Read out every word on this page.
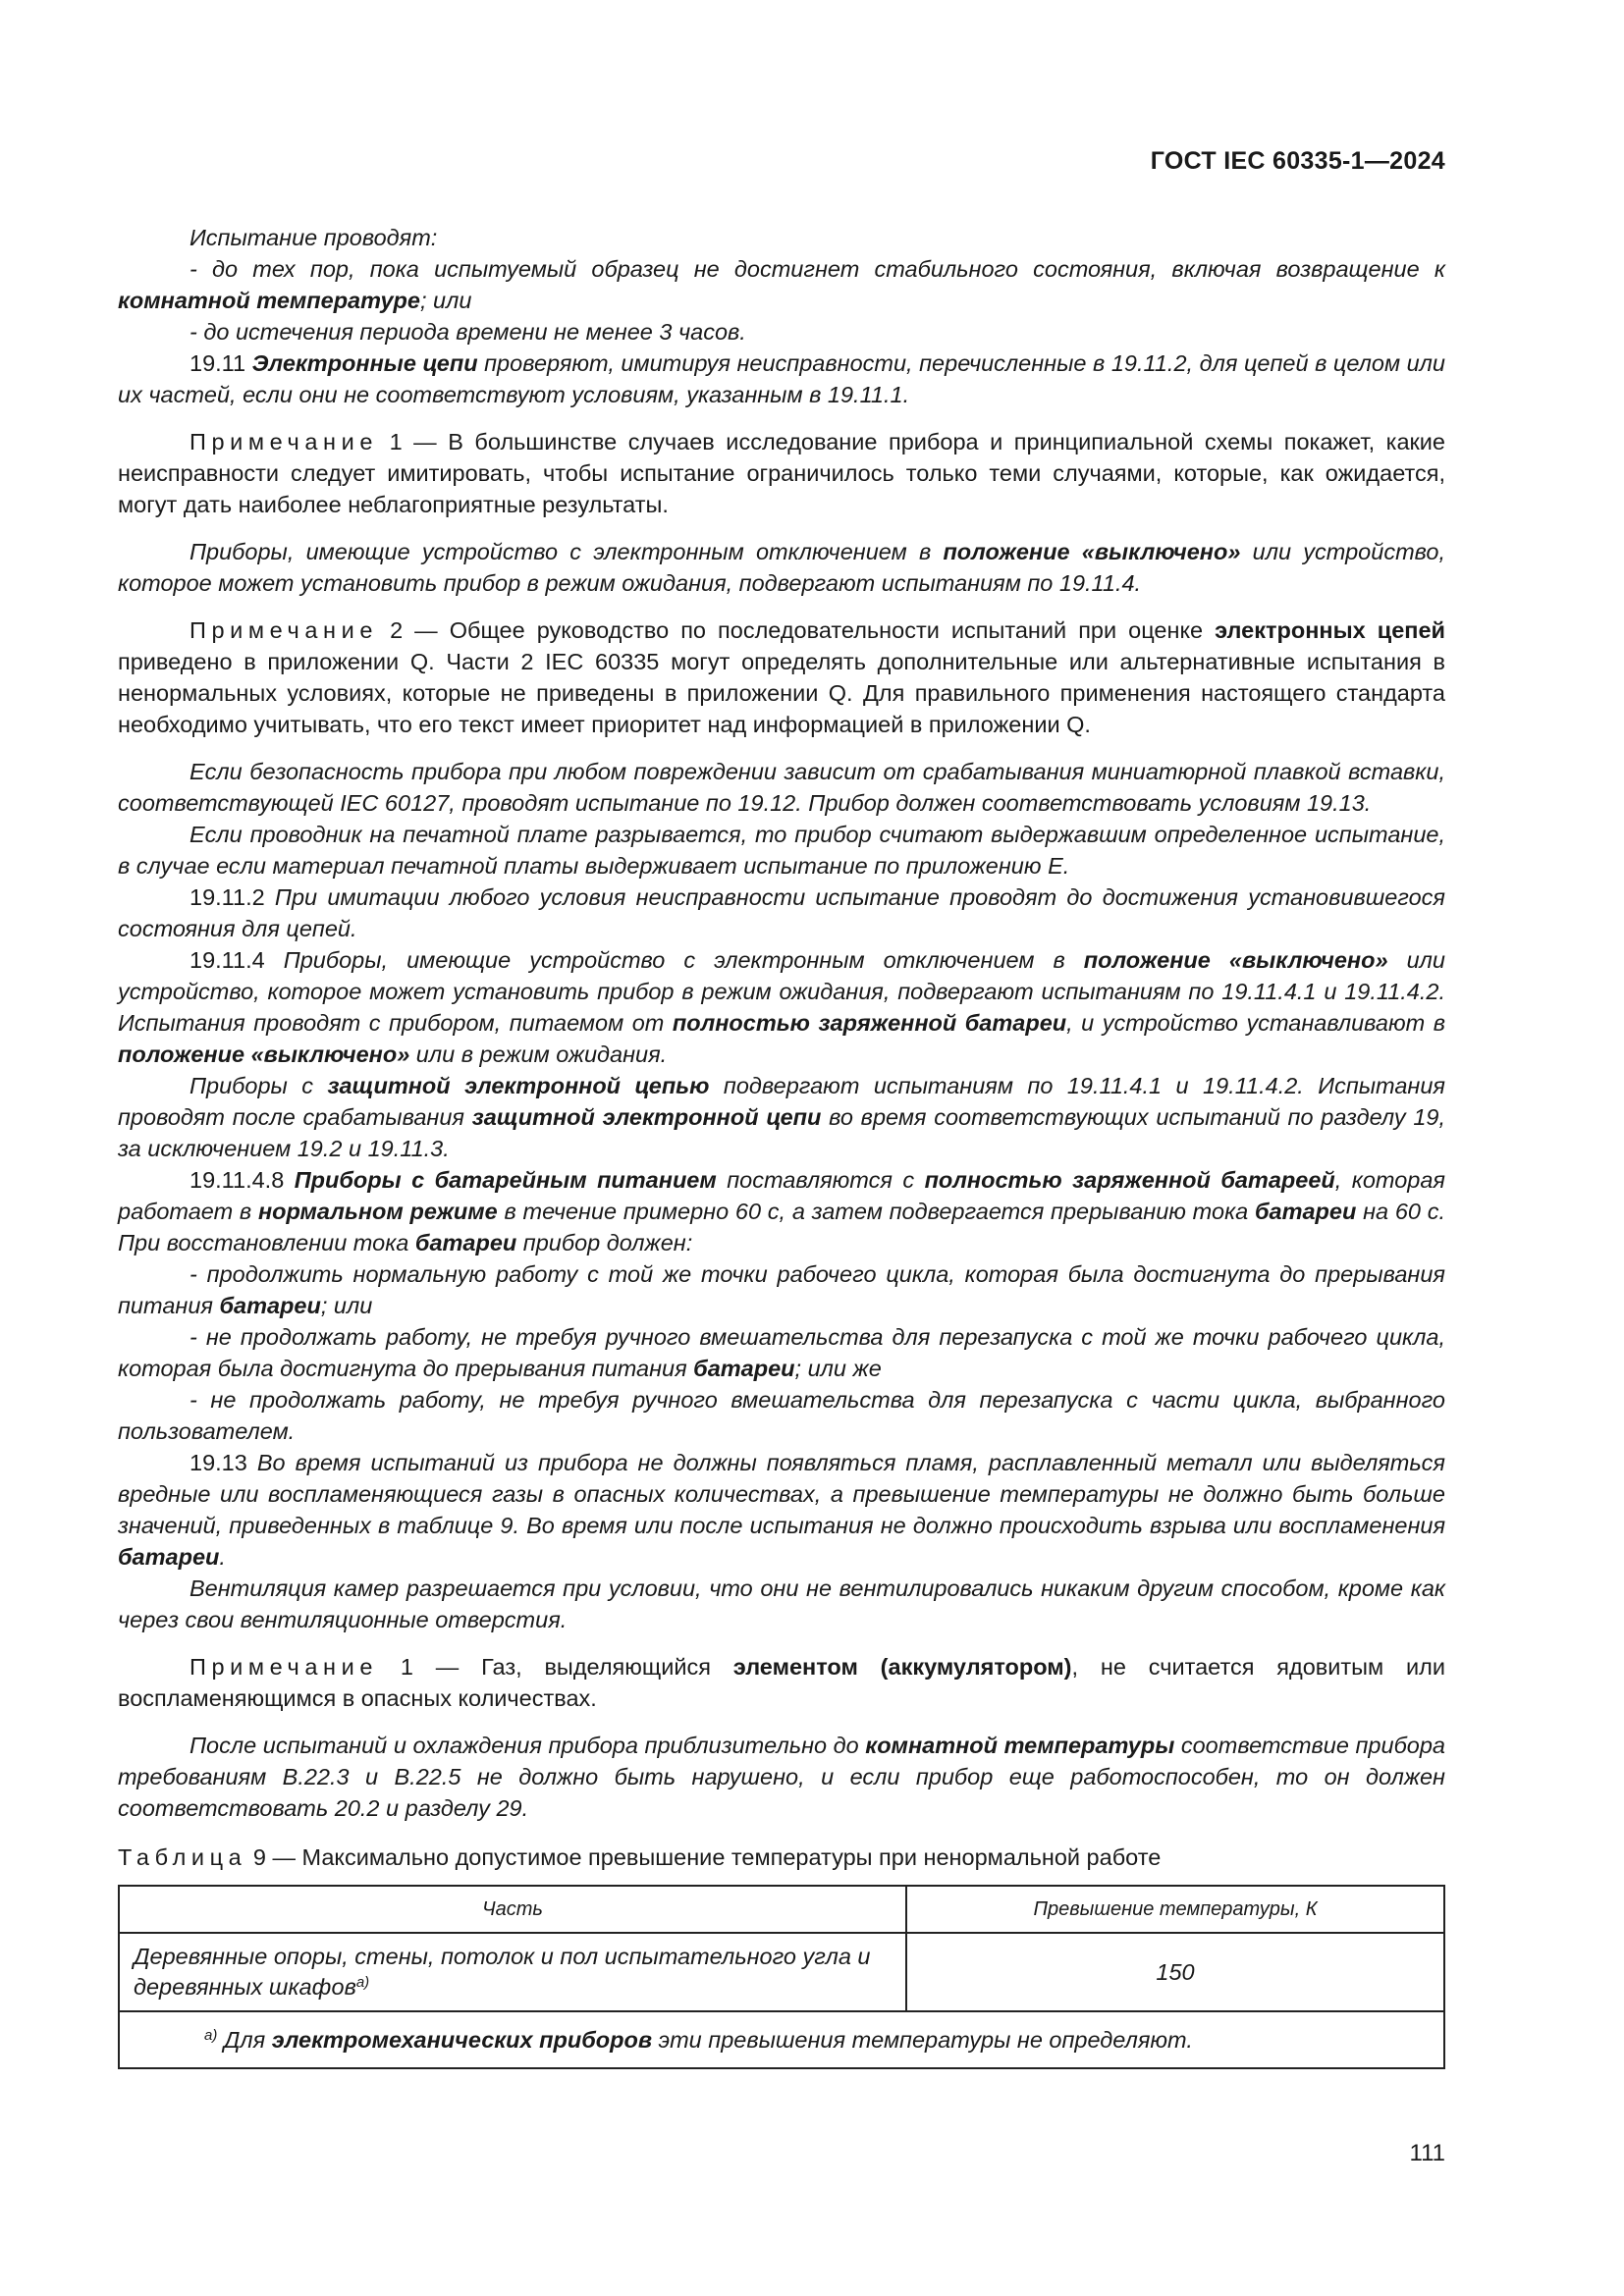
ГОСТ IEC 60335-1—2024

Испытание проводят:

- до тех пор, пока испытуемый образец не достигнет стабильного состояния, включая возвращение к комнатной температуре; или

- до истечения периода времени не менее 3 часов.

19.11 Электронные цепи проверяют, имитируя неисправности, перечисленные в 19.11.2, для цепей в целом или их частей, если они не соответствуют условиям, указанным в 19.11.1.

Примечание 1 — В большинстве случаев исследование прибора и принципиальной схемы покажет, какие неисправности следует имитировать, чтобы испытание ограничилось только теми случаями, которые, как ожидается, могут дать наиболее неблагоприятные результаты.

Приборы, имеющие устройство с электронным отключением в положение «выключено» или устройство, которое может установить прибор в режим ожидания, подвергают испытаниям по 19.11.4.

Примечание 2 — Общее руководство по последовательности испытаний при оценке электронных цепей приведено в приложении Q. Части 2 IEC 60335 могут определять дополнительные или альтернативные испытания в ненормальных условиях, которые не приведены в приложении Q. Для правильного применения настоящего стандарта необходимо учитывать, что его текст имеет приоритет над информацией в приложении Q.

Если безопасность прибора при любом повреждении зависит от срабатывания миниатюрной плавкой вставки, соответствующей IEC 60127, проводят испытание по 19.12. Прибор должен соответствовать условиям 19.13.

Если проводник на печатной плате разрывается, то прибор считают выдержавшим определенное испытание, в случае если материал печатной платы выдерживает испытание по приложению E.

19.11.2 При имитации любого условия неисправности испытание проводят до достижения установившегося состояния для цепей.

19.11.4 Приборы, имеющие устройство с электронным отключением в положение «выключено» или устройство, которое может установить прибор в режим ожидания, подвергают испытаниям по 19.11.4.1 и 19.11.4.2. Испытания проводят с прибором, питаемом от полностью заряженной батареи, и устройство устанавливают в положение «выключено» или в режим ожидания.

Приборы с защитной электронной цепью подвергают испытаниям по 19.11.4.1 и 19.11.4.2. Испытания проводят после срабатывания защитной электронной цепи во время соответствующих испытаний по разделу 19, за исключением 19.2 и 19.11.3.

19.11.4.8 Приборы с батарейным питанием поставляются с полностью заряженной батареей, которая работает в нормальном режиме в течение примерно 60 с, а затем подвергается прерыванию тока батареи на 60 с. При восстановлении тока батареи прибор должен:

- продолжить нормальную работу с той же точки рабочего цикла, которая была достигнута до прерывания питания батареи; или

- не продолжать работу, не требуя ручного вмешательства для перезапуска с той же точки рабочего цикла, которая была достигнута до прерывания питания батареи; или же

- не продолжать работу, не требуя ручного вмешательства для перезапуска с части цикла, выбранного пользователем.

19.13 Во время испытаний из прибора не должны появляться пламя, расплавленный металл или выделяться вредные или воспламеняющиеся газы в опасных количествах, а превышение температуры не должно быть больше значений, приведенных в таблице 9. Во время или после испытания не должно происходить взрыва или воспламенения батареи.

Вентиляция камер разрешается при условии, что они не вентилировались никаким другим способом, кроме как через свои вентиляционные отверстия.

Примечание 1 — Газ, выделяющийся элементом (аккумулятором), не считается ядовитым или воспламеняющимся в опасных количествах.

После испытаний и охлаждения прибора приблизительно до комнатной температуры соответствие прибора требованиям B.22.3 и B.22.5 не должно быть нарушено, и если прибор еще работоспособен, то он должен соответствовать 20.2 и разделу 29.

Таблица 9 — Максимально допустимое превышение температуры при ненормальной работе
Часть	Превышение температуры, К
Деревянные опоры, стены, потолок и пол испытательного угла и деревянных шкафов$^{a)}$	150
$^{a)}$ Для электромеханических приборов эти превышения температуры не определяют.	
111
